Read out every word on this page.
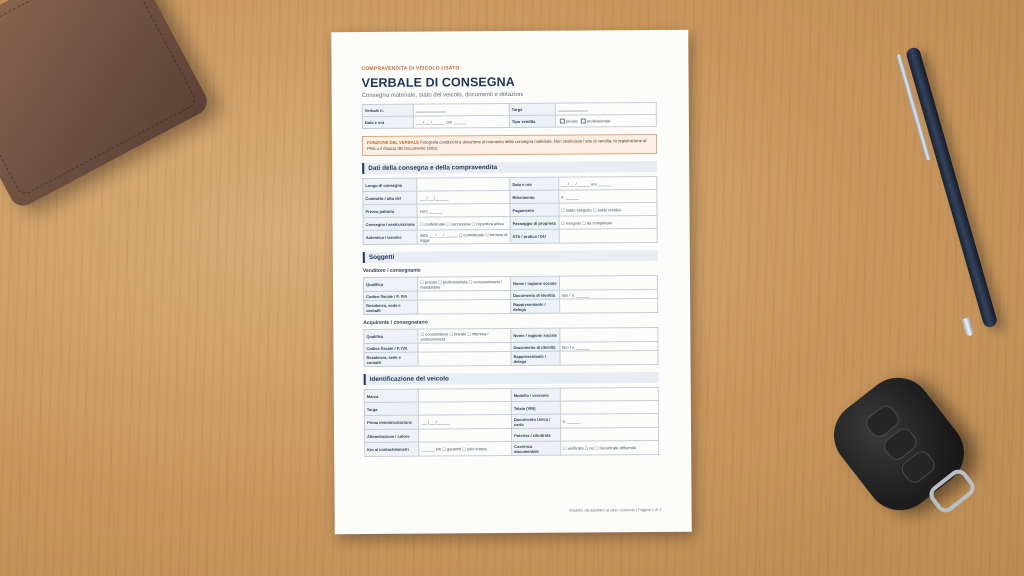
COMPRAVENDITA DI VEICOLO USATO
VERBALE DI CONSEGNA
Consegna materiale, stato del veicolo, documenti e dotazioni
Verbale n.		Targa	
Data e ora	___/___/______ ore ______	Tipo vendita	privato professionale
FUNZIONE DEL VERBALE Fotografa condizioni e dotazione al momento della consegna materiale. Non sostituisce l'atto di vendita, la registrazione al PRA o il rilascio del Documento Unico.
Dati della consegna e della compravendita
Luogo di consegna		Data e ora	___/___/______ ore ______
Contratto / atto del	___/___/______	Riferimento	n. ______
Prezzo pattuito	euro ______	Pagamento	☐ saldo eseguito ☐ saldo residuo
Consegna / assicurazione	☐ contestuale ☐ successiva ☐ copertura attiva	Passaggio di proprietà	☐ eseguito ☐ da completare
Autentica / termine	data ___/___/______ ☐ contestuale ☐ termine di legge	STA / pratica / DU	
Soggetti
Venditore / consegnante
Qualifica	☐ privato ☐ professionista ☐ concessionario / mandatario	Nome / ragione sociale	
Codice fiscale / P. IVA		Documento di identità	tipo / n. ______
Residenza, sede e contatti		Rappresentante / delega	
Acquirente / consegnatario
Qualifica	☐ consumatore ☐ privato ☐ impresa / professionista	Nome / ragione sociale	
Codice fiscale / P. IVA		Documento di identità	tipo / n. ______
Residenza, sede e contatti		Rappresentante / delega	
Identificazione del veicolo
Marca		Modello / versione	
Targa		Telaio (VIN)	
Prima immatricolazione	___/___/______	Documento Unico / carta	n. ______
Alimentazione / colore		Potenza / cilindrata	
Km al contachilometri	______ km ☐ garantiti ☐ solo lettura	Coerenza documentale	☐ verificata ☐ no ☐ riscontrate difformità
Modello da adattare al caso concreto | Pagina 1 di 4
